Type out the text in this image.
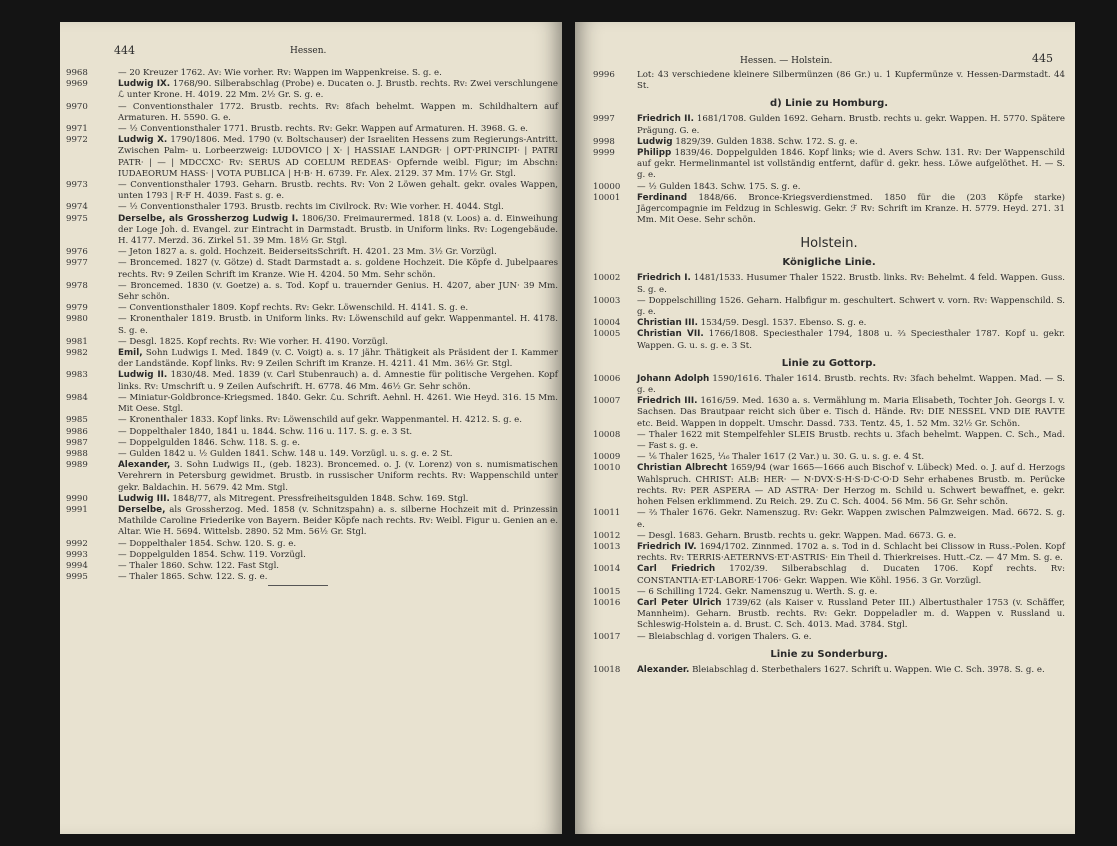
444	Hessen.
9968	— 20 Kreuzer 1762. Av: Wie vorher. Rv: Wappen im Wappenkreise. S. g. e.
9969	Ludwig IX. 1768/90. Silberabschlag (Probe) e. Ducaten o. J. Brustb. rechts. Rv: Zwei verschlungene ℒ unter Krone. H. 4019. 22 Mm. 2½ Gr. S. g. e.
9970	— Conventionsthaler 1772. Brustb. rechts. Rv: 8fach behelmt. Wappen m. Schildhaltern auf Armaturen. H. 5590. G. e.
9971	— ½ Conventionsthaler 1771. Brustb. rechts. Rv: Gekr. Wappen auf Armaturen. H. 3968. G. e.
9972	Ludwig X. 1790/1806. Med. 1790 (v. Boltschauser) der Israeliten Hessens zum Regierungs-Antritt. Zwischen Palm- u. Lorbeerzweig: LUDOVICO | X· | HASSIAE LANDGR· | OPT·PRINCIPI· | PATRI PATR· | — | MDCCXC· Rv: SERUS AD COELUM REDEAS· Opfernde weibl. Figur; im Abschn: IUDAEORUM HASS· | VOTA PUBLICA | H·B· H. 6739. Fr. Alex. 2129. 37 Mm. 17½ Gr. Stgl.
9973	— Conventionsthaler 1793. Geharn. Brustb. rechts. Rv: Von 2 Löwen gehalt. gekr. ovales Wappen, unten 1793 | R·F H. 4039. Fast s. g. e.
9974	— ½ Conventionsthaler 1793. Brustb. rechts im Civilrock. Rv: Wie vorher. H. 4044. Stgl.
9975	Derselbe, als Grossherzog Ludwig I. 1806/30. Freimaurermed. 1818 (v. Loos) a. d. Einweihung der Loge Joh. d. Evangel. zur Eintracht in Darmstadt. Brustb. in Uniform links. Rv: Logengebäude. H. 4177. Merzd. 36. Zirkel 51. 39 Mm. 18½ Gr. Stgl.
9976	— Jeton 1827 a. s. gold. Hochzeit. BeiderseitsSchrift. H. 4201. 23 Mm. 3½ Gr. Vorzügl.
9977	— Broncemed. 1827 (v. Götze) d. Stadt Darmstadt a. s. goldene Hochzeit. Die Köpfe d. Jubelpaares rechts. Rv: 9 Zeilen Schrift im Kranze. Wie H. 4204. 50 Mm. Sehr schön.
9978	— Broncemed. 1830 (v. Goetze) a. s. Tod. Kopf u. trauernder Genius. H. 4207, aber JUN· 39 Mm. Sehr schön.
9979	— Conventionsthaler 1809. Kopf rechts. Rv: Gekr. Löwenschild. H. 4141. S. g. e.
9980	— Kronenthaler 1819. Brustb. in Uniform links. Rv: Löwenschild auf gekr. Wappenmantel. H. 4178. S. g. e.
9981	— Desgl. 1825. Kopf rechts. Rv: Wie vorher. H. 4190. Vorzügl.
9982	Emil, Sohn Ludwigs I. Med. 1849 (v. C. Voigt) a. s. 17 jähr. Thätigkeit als Präsident der I. Kammer der Landstände. Kopf links. Rv: 9 Zeilen Schrift im Kranze. H. 4211. 41 Mm. 36½ Gr. Stgl.
9983	Ludwig II. 1830/48. Med. 1839 (v. Carl Stubenrauch) a. d. Amnestie für politische Vergehen. Kopf links. Rv: Umschrift u. 9 Zeilen Aufschrift. H. 6778. 46 Mm. 46½ Gr. Sehr schön.
9984	— Miniatur-Goldbronce-Kriegsmed. 1840. Gekr. ℒu. Schrift. Aehnl. H. 4261. Wie Heyd. 316. 15 Mm. Mit Oese. Stgl.
9985	— Kronenthaler 1833. Kopf links. Rv: Löwenschild auf gekr. Wappenmantel. H. 4212. S. g. e.
9986	— Doppelthaler 1840, 1841 u. 1844. Schw. 116 u. 117. S. g. e. 3 St.
9987	— Doppelgulden 1846. Schw. 118. S. g. e.
9988	— Gulden 1842 u. ½ Gulden 1841. Schw. 148 u. 149. Vorzügl. u. s. g. e. 2 St.
9989	Alexander, 3. Sohn Ludwigs II., (geb. 1823). Broncemed. o. J. (v. Lorenz) von s. numismatischen Verehrern in Petersburg gewidmet. Brustb. in russischer Uniform rechts. Rv: Wappenschild unter gekr. Baldachin. H. 5679. 42 Mm. Stgl.
9990	Ludwig III. 1848/77, als Mitregent. Pressfreiheitsgulden 1848. Schw. 169. Stgl.
9991	Derselbe, als Grossherzog. Med. 1858 (v. Schnitzspahn) a. s. silberne Hochzeit mit d. Prinzessin Mathilde Caroline Friederike von Bayern. Beider Köpfe nach rechts. Rv: Weibl. Figur u. Genien an e. Altar. Wie H. 5694. Wittelsb. 2890. 52 Mm. 56½ Gr. Stgl.
9992	— Doppelthaler 1854. Schw. 120. S. g. e.
9993	— Doppelgulden 1854. Schw. 119. Vorzügl.
9994	— Thaler 1860. Schw. 122. Fast Stgl.
9995	— Thaler 1865. Schw. 122. S. g. e.
Hessen. — Holstein.	445
9996	Lot: 43 verschiedene kleinere Silbermünzen (86 Gr.) u. 1 Kupfermünze v. Hessen-Darmstadt. 44 St.
d) Linie zu Homburg.
9997	Friedrich II. 1681/1708. Gulden 1692. Geharn. Brustb. rechts u. gekr. Wappen. H. 5770. Spätere Prägung. G. e.
9998	Ludwig 1829/39. Gulden 1838. Schw. 172. S. g. e.
9999	Philipp 1839/46. Doppelgulden 1846. Kopf links; wie d. Avers Schw. 131. Rv: Der Wappenschild auf gekr. Hermelinmantel ist vollständig entfernt, dafür d. gekr. hess. Löwe aufgelöthet. H. — S. g. e.
10000	— ½ Gulden 1843. Schw. 175. S. g. e.
10001	Ferdinand 1848/66. Bronce-Kriegsverdienstmed. 1850 für die (203 Köpfe starke) Jägercompagnie im Feldzug in Schleswig. Gekr. ℱ Rv: Schrift im Kranze. H. 5779. Heyd. 271. 31 Mm. Mit Oese. Sehr schön.
Holstein.
Königliche Linie.
10002	Friedrich I. 1481/1533. Husumer Thaler 1522. Brustb. links. Rv: Behelmt. 4 feld. Wappen. Guss. S. g. e.
10003	— Doppelschilling 1526. Geharn. Halbfigur m. geschultert. Schwert v. vorn. Rv: Wappenschild. S. g. e.
10004	Christian III. 1534/59. Desgl. 1537. Ebenso. S. g. e.
10005	Christian VII. 1766/1808. Speciesthaler 1794, 1808 u. ⅔ Speciesthaler 1787. Kopf u. gekr. Wappen. G. u. s. g. e. 3 St.
Linie zu Gottorp.
10006	Johann Adolph 1590/1616. Thaler 1614. Brustb. rechts. Rv: 3fach behelmt. Wappen. Mad. — S. g. e.
10007	Friedrich III. 1616/59. Med. 1630 a. s. Vermählung m. Maria Elisabeth, Tochter Joh. Georgs I. v. Sachsen. Das Brautpaar reicht sich über e. Tisch d. Hände. Rv: DIE NESSEL VND DIE RAVTE etc. Beid. Wappen in doppelt. Umschr. Dassd. 733. Tentz. 45, 1. 52 Mm. 32½ Gr. Schön.
10008	— Thaler 1622 mit Stempelfehler SLEIS Brustb. rechts u. 3fach behelmt. Wappen. C. Sch., Mad. — Fast s. g. e.
10009	— ⅙ Thaler 1625, ¹⁄₁₆ Thaler 1617 (2 Var.) u. 30. G. u. s. g. e. 4 St.
10010	Christian Albrecht 1659/94 (war 1665—1666 auch Bischof v. Lübeck) Med. o. J. auf d. Herzogs Wahlspruch. CHRIST: ALB: HER· — N·DVX·S·H·S·D·C·O·D Sehr erhabenes Brustb. m. Perücke rechts. Rv: PER ASPERA — AD ASTRA· Der Herzog m. Schild u. Schwert bewaffnet, e. gekr. hohen Felsen erklimmend. Zu Reich. 29. Zu C. Sch. 4004. 56 Mm. 56 Gr. Sehr schön.
10011	— ⅔ Thaler 1676. Gekr. Namenszug. Rv: Gekr. Wappen zwischen Palmzweigen. Mad. 6672. S. g. e.
10012	— Desgl. 1683. Geharn. Brustb. rechts u. gekr. Wappen. Mad. 6673. G. e.
10013	Friedrich IV. 1694/1702. Zinnmed. 1702 a. s. Tod in d. Schlacht bei Clissow in Russ.-Polen. Kopf rechts. Rv: TERRIS·AETERNVS·ET·ASTRIS· Ein Theil d. Thierkreises. Hutt.-Cz. — 47 Mm. S. g. e.
10014	Carl Friedrich 1702/39. Silberabschlag d. Ducaten 1706. Kopf rechts. Rv: CONSTANTIA·ET·LABORE·1706· Gekr. Wappen. Wie Köhl. 1956. 3 Gr. Vorzügl.
10015	— 6 Schilling 1724. Gekr. Namenszug u. Werth. S. g. e.
10016	Carl Peter Ulrich 1739/62 (als Kaiser v. Russland Peter III.) Albertusthaler 1753 (v. Schäffer, Mannheim). Geharn. Brustb. rechts. Rv: Gekr. Doppeladler m. d. Wappen v. Russland u. Schleswig-Holstein a. d. Brust. C. Sch. 4013. Mad. 3784. Stgl.
10017	— Bleiabschlag d. vorigen Thalers. G. e.
Linie zu Sonderburg.
10018	Alexander. Bleiabschlag d. Sterbethalers 1627. Schrift u. Wappen. Wie C. Sch. 3978. S. g. e.
